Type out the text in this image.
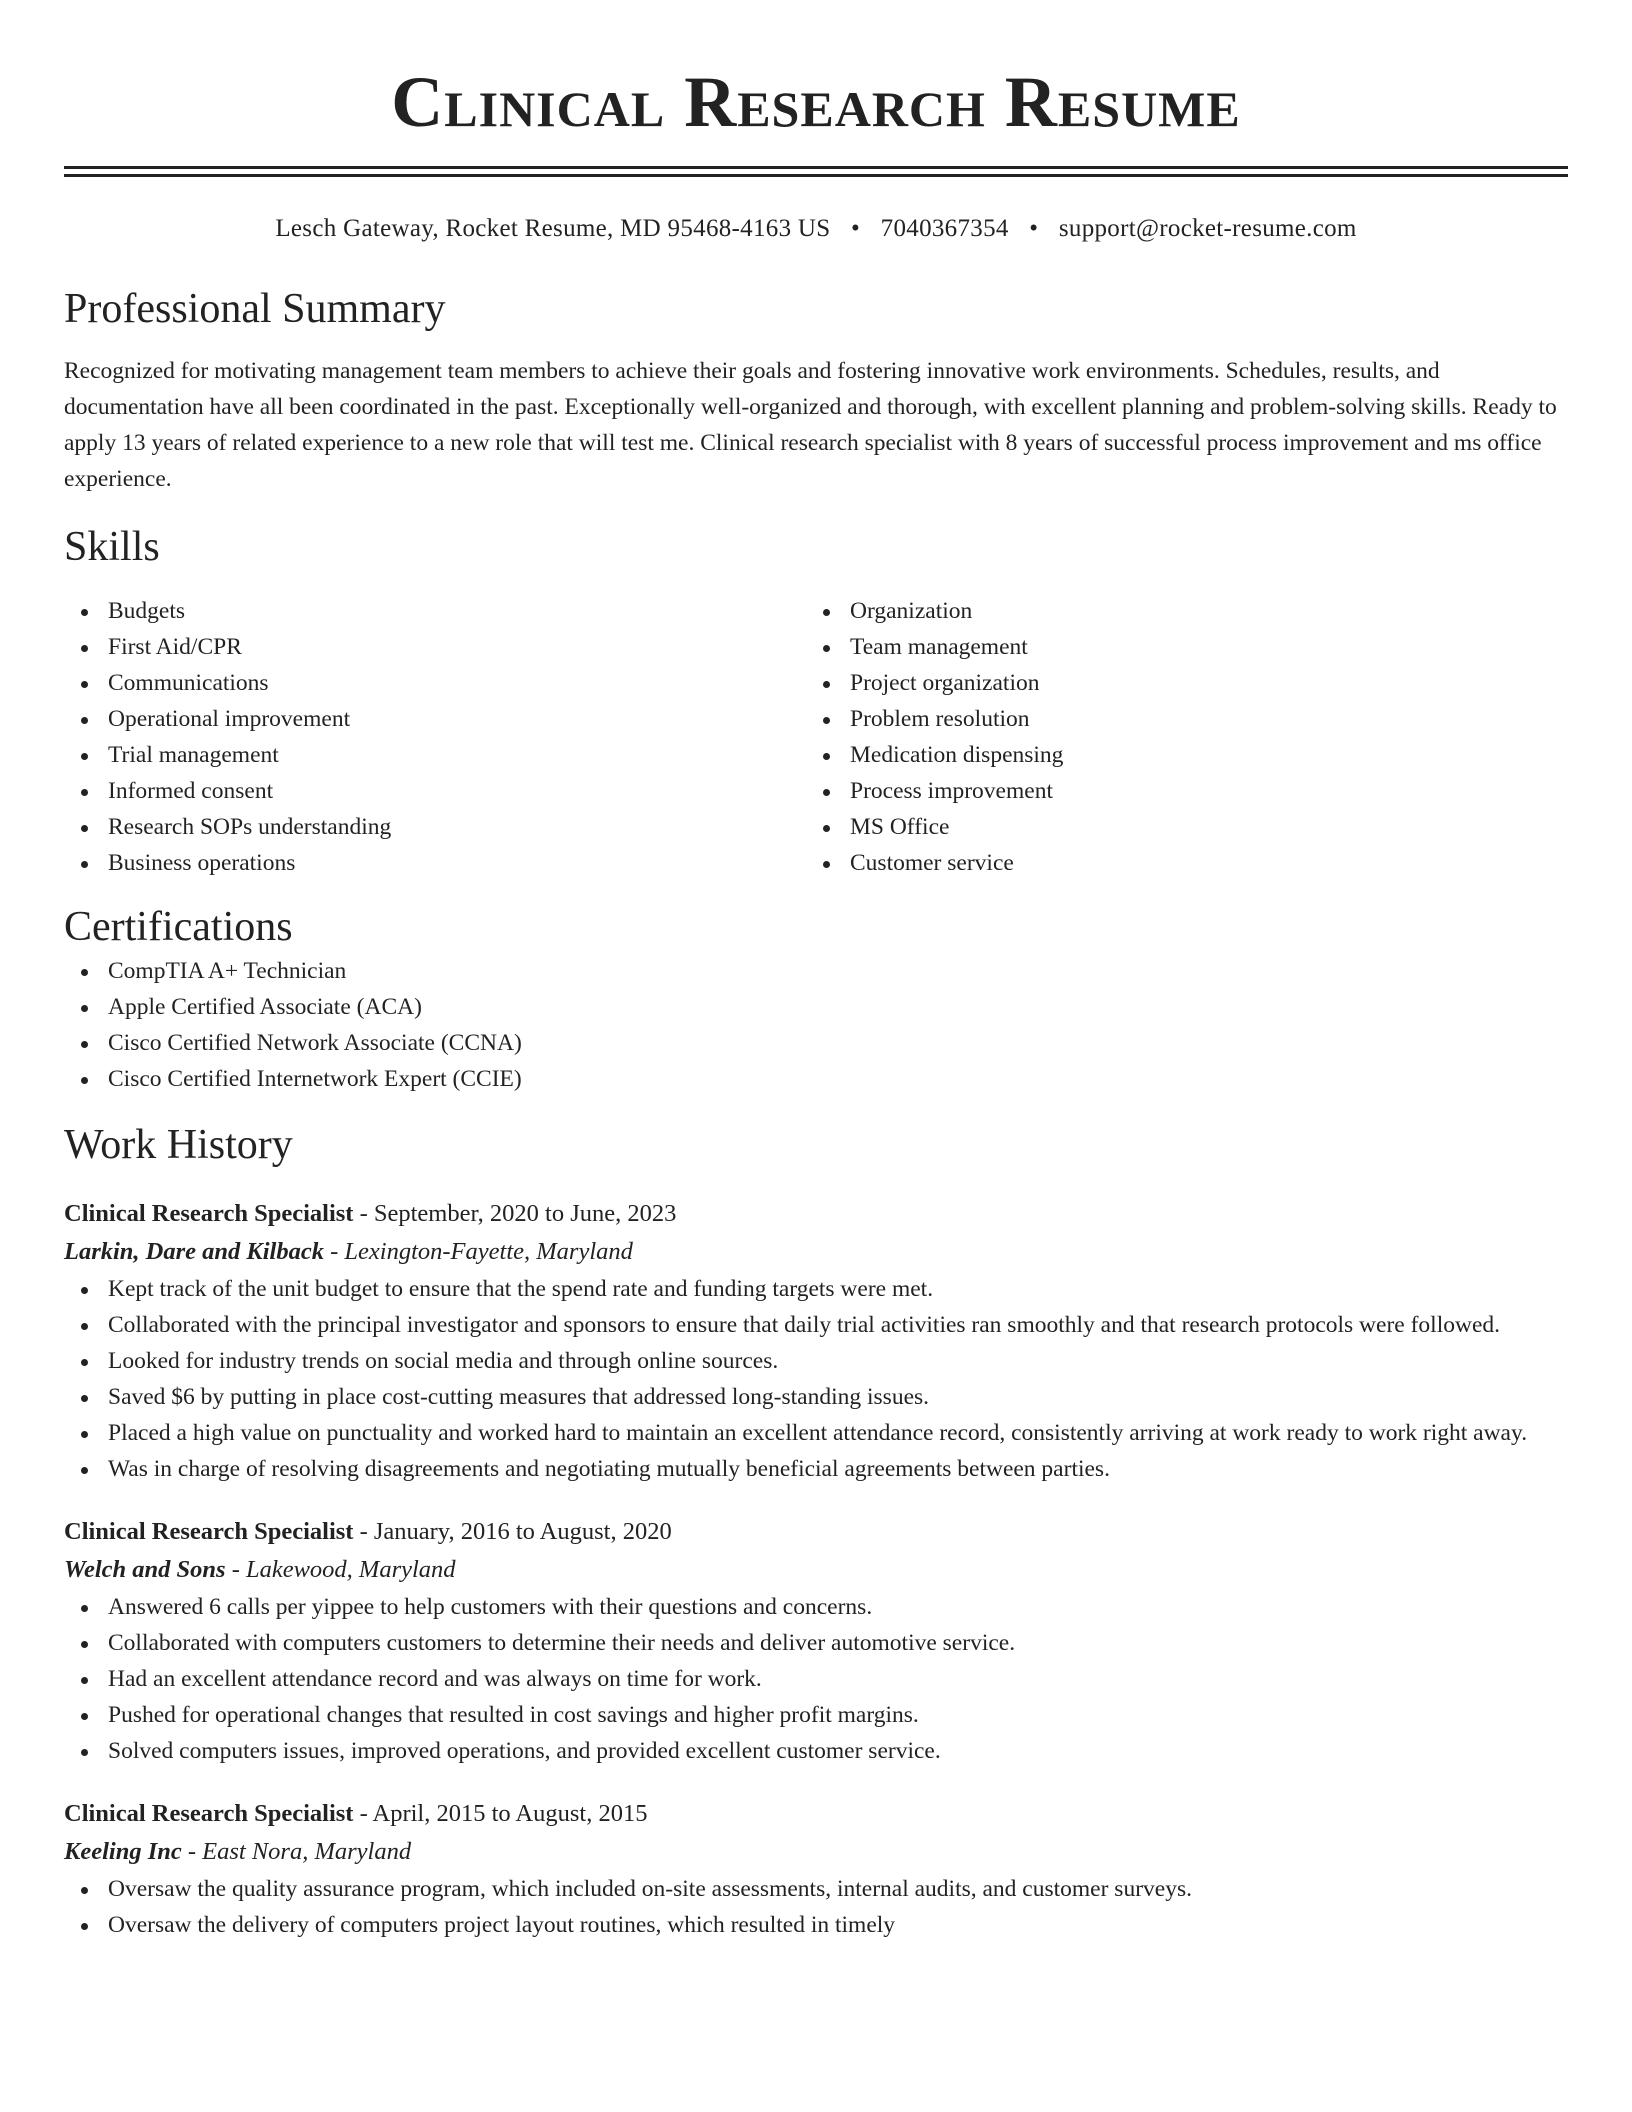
Clinical Research Resume
Lesch Gateway, Rocket Resume, MD 95468-4163 US • 7040367354 • support@rocket-resume.com
Professional Summary

Recognized for motivating management team members to achieve their goals and fostering innovative work environments. Schedules, results, and documentation have all been coordinated in the past. Exceptionally well-organized and thorough, with excellent planning and problem-solving skills. Ready to apply 13 years of related experience to a new role that will test me. Clinical research specialist with 8 years of successful process improvement and ms office experience.

Skills
Budgets
First Aid/CPR
Communications
Operational improvement
Trial management
Informed consent
Research SOPs understanding
Business operations
Organization
Team management
Project organization
Problem resolution
Medication dispensing
Process improvement
MS Office
Customer service
Certifications
CompTIA A+ Technician
Apple Certified Associate (ACA)
Cisco Certified Network Associate (CCNA)
Cisco Certified Internetwork Expert (CCIE)
Work History

Clinical Research Specialist - September, 2020 to June, 2023

Larkin, Dare and Kilback - Lexington-Fayette, Maryland

Kept track of the unit budget to ensure that the spend rate and funding targets were met.
Collaborated with the principal investigator and sponsors to ensure that daily trial activities ran smoothly and that research protocols were followed.
Looked for industry trends on social media and through online sources.
Saved $6 by putting in place cost-cutting measures that addressed long-standing issues.
Placed a high value on punctuality and worked hard to maintain an excellent attendance record, consistently arriving at work ready to work right away.
Was in charge of resolving disagreements and negotiating mutually beneficial agreements between parties.

Clinical Research Specialist - January, 2016 to August, 2020

Welch and Sons - Lakewood, Maryland

Answered 6 calls per yippee to help customers with their questions and concerns.
Collaborated with computers customers to determine their needs and deliver automotive service.
Had an excellent attendance record and was always on time for work.
Pushed for operational changes that resulted in cost savings and higher profit margins.
Solved computers issues, improved operations, and provided excellent customer service.

Clinical Research Specialist - April, 2015 to August, 2015

Keeling Inc - East Nora, Maryland

Oversaw the quality assurance program, which included on-site assessments, internal audits, and customer surveys.
Oversaw the delivery of computers project layout routines, which resulted in timely
